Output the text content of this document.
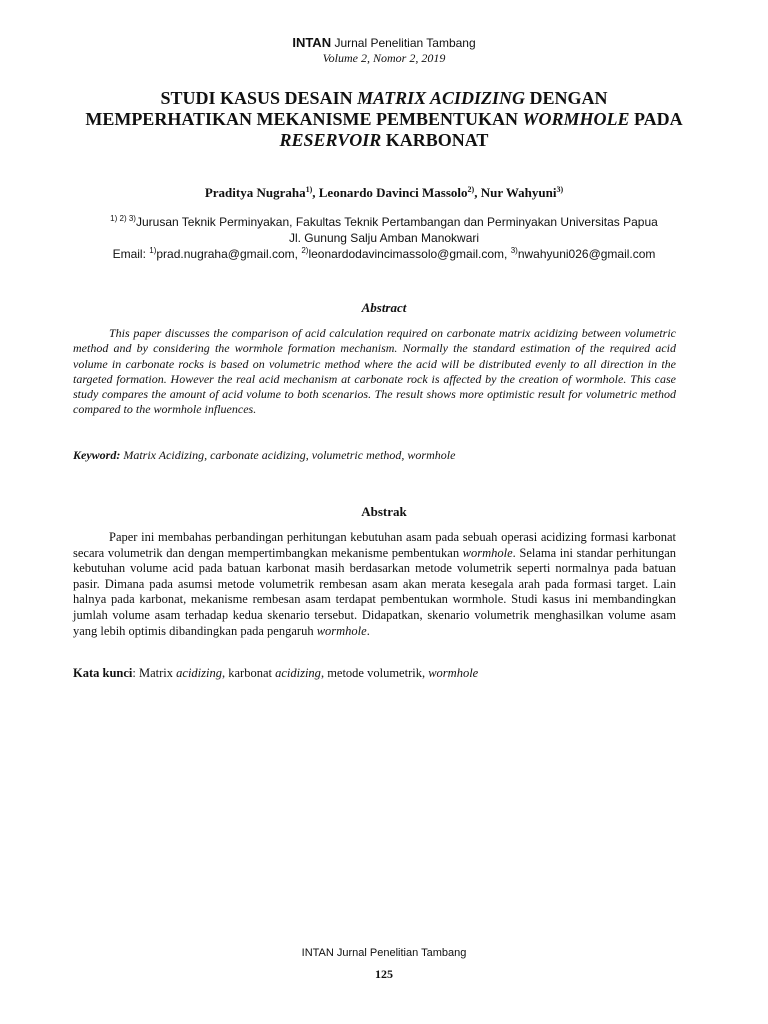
INTAN Jurnal Penelitian Tambang
Volume 2, Nomor 2, 2019
STUDI KASUS DESAIN MATRIX ACIDIZING DENGAN MEMPERHATIKAN MEKANISME PEMBENTUKAN WORMHOLE PADA RESERVOIR KARBONAT
Praditya Nugraha$^{1)}$, Leonardo Davinci Massolo$^{2)}$, Nur Wahyuni$^{3)}$
$^{1) 2) 3)}$Jurusan Teknik Perminyakan, Fakultas Teknik Pertambangan dan Perminyakan Universitas Papua
Jl. Gunung Salju Amban Manokwari
Email: $^{1)}$prad.nugraha@gmail.com, $^{2)}$leonardodavincimassolo@gmail.com, $^{3)}$nwahyuni026@gmail.com
Abstract

This paper discusses the comparison of acid calculation required on carbonate matrix acidizing between volumetric method and by considering the wormhole formation mechanism. Normally the standard estimation of the required acid volume in carbonate rocks is based on volumetric method where the acid will be distributed evenly to all direction in the targeted formation. However the real acid mechanism at carbonate rock is affected by the creation of wormhole. This case study compares the amount of acid volume to both scenarios. The result shows more optimistic result for volumetric method compared to the wormhole influences.

Keyword: Matrix Acidizing, carbonate acidizing, volumetric method, wormhole

Abstrak

Paper ini membahas perbandingan perhitungan kebutuhan asam pada sebuah operasi acidizing formasi karbonat secara volumetrik dan dengan mempertimbangkan mekanisme pembentukan wormhole. Selama ini standar perhitungan kebutuhan volume acid pada batuan karbonat masih berdasarkan metode volumetrik seperti normalnya pada batuan pasir. Dimana pada asumsi metode volumetrik rembesan asam akan merata kesegala arah pada formasi target. Lain halnya pada karbonat, mekanisme rembesan asam terdapat pembentukan wormhole. Studi kasus ini membandingkan jumlah volume asam terhadap kedua skenario tersebut. Didapatkan, skenario volumetrik menghasilkan volume asam yang lebih optimis dibandingkan pada pengaruh wormhole.

Kata kunci: Matrix acidizing, karbonat acidizing, metode volumetrik, wormhole

INTAN Jurnal Penelitian Tambang
125
